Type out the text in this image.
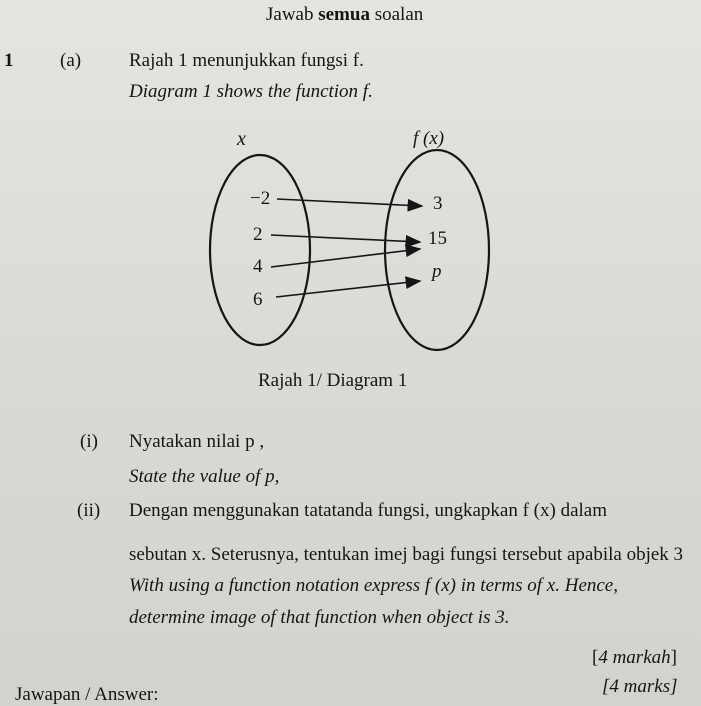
Jawab semua soalan
1 (a)	Rajah 1 menunjukkan fungsi f.
Diagram 1 shows the function f.
x	f (x)
−2
2
4
6
3
15
p
Rajah 1/ Diagram 1
(i) Nyatakan nilai p ,
State the value of p,
(ii) Dengan menggunakan tatatanda fungsi, ungkapkan f (x) dalam
sebutan x. Seterusnya, tentukan imej bagi fungsi tersebut apabila objek 3
With using a function notation express f (x) in terms of x. Hence,
determine image of that function when object is 3.
[4 markah]
[4 marks]
Jawapan / Answer:
